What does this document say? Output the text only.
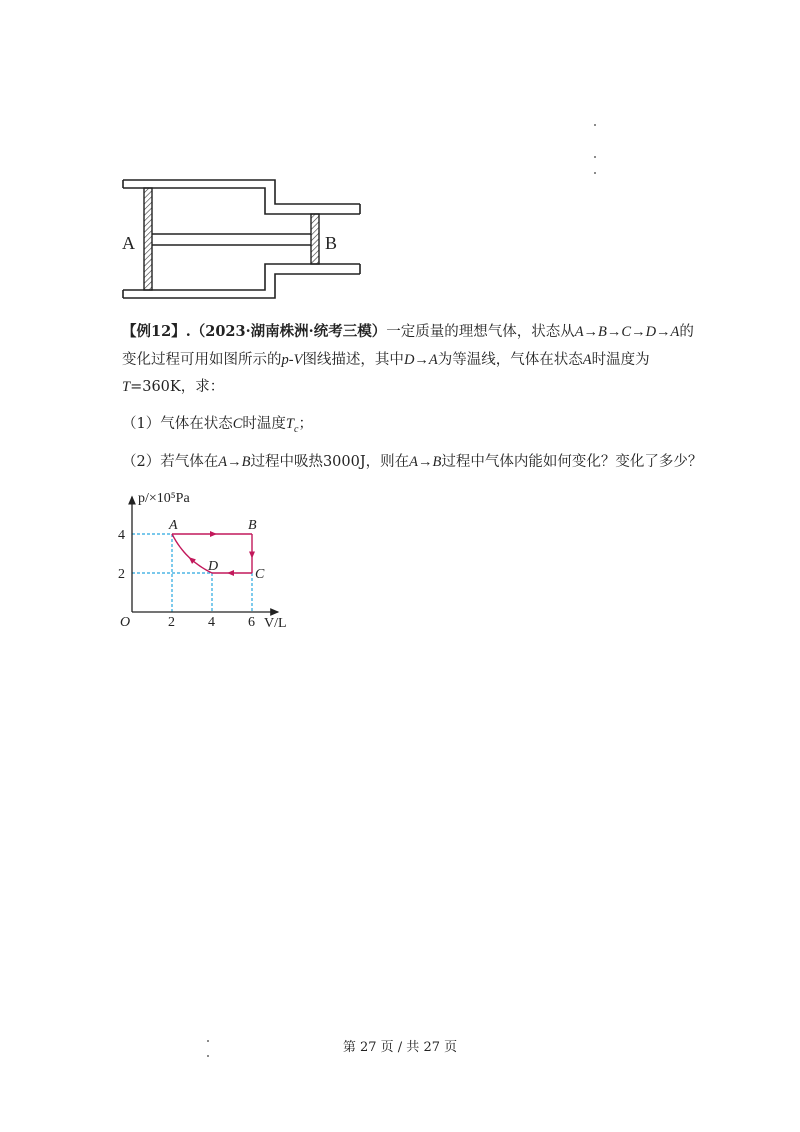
A	B
【例12】.（2023·湖南株洲·统考三模）一定质量的理想气体，状态从A→B→C→D→A的
变化过程可用如图所示的p-V图线描述，其中D→A为等温线，气体在状态A时温度为
T=360K，求：
（1）气体在状态C时温度$T_c$；
（2）若气体在A→B过程中吸热3000J，则在A→B过程中气体内能如何变化？变化了多少？
O	2 4 6
4
2
A	B
C
D
p/×10⁵Pa
V/L
第 27 页 / 共 27 页
